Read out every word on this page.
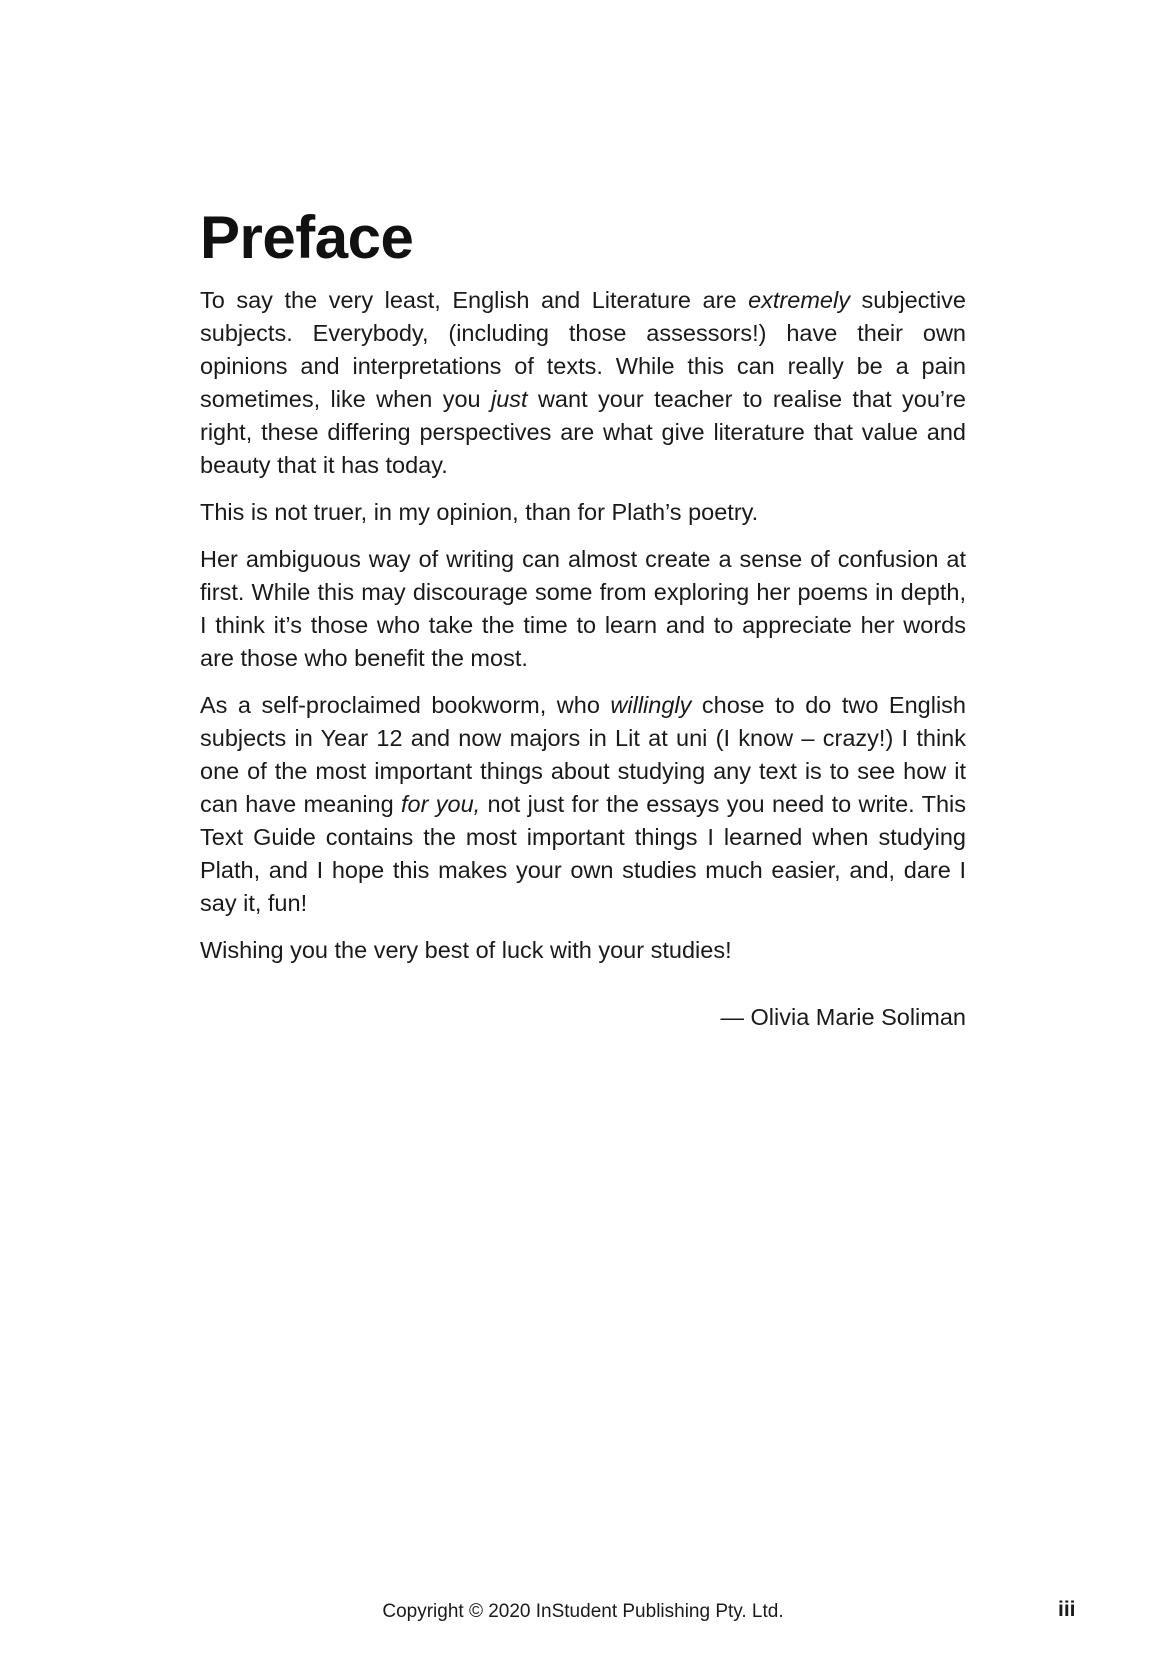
Preface

To say the very least, English and Literature are extremely subjective subjects. Everybody, (including those assessors!) have their own opinions and interpretations of texts. While this can really be a pain sometimes, like when you just want your teacher to realise that you’re right, these differing perspectives are what give literature that value and beauty that it has today.

This is not truer, in my opinion, than for Plath’s poetry.

Her ambiguous way of writing can almost create a sense of confusion at first. While this may discourage some from exploring her poems in depth, I think it’s those who take the time to learn and to appreciate her words are those who benefit the most.

As a self-proclaimed bookworm, who willingly chose to do two English subjects in Year 12 and now majors in Lit at uni (I know – crazy!) I think one of the most important things about studying any text is to see how it can have meaning for you, not just for the essays you need to write. This Text Guide contains the most important things I learned when studying Plath, and I hope this makes your own studies much easier, and, dare I say it, fun!

Wishing you the very best of luck with your studies!

— Olivia Marie Soliman

Copyright © 2020 InStudent Publishing Pty. Ltd.	iii
